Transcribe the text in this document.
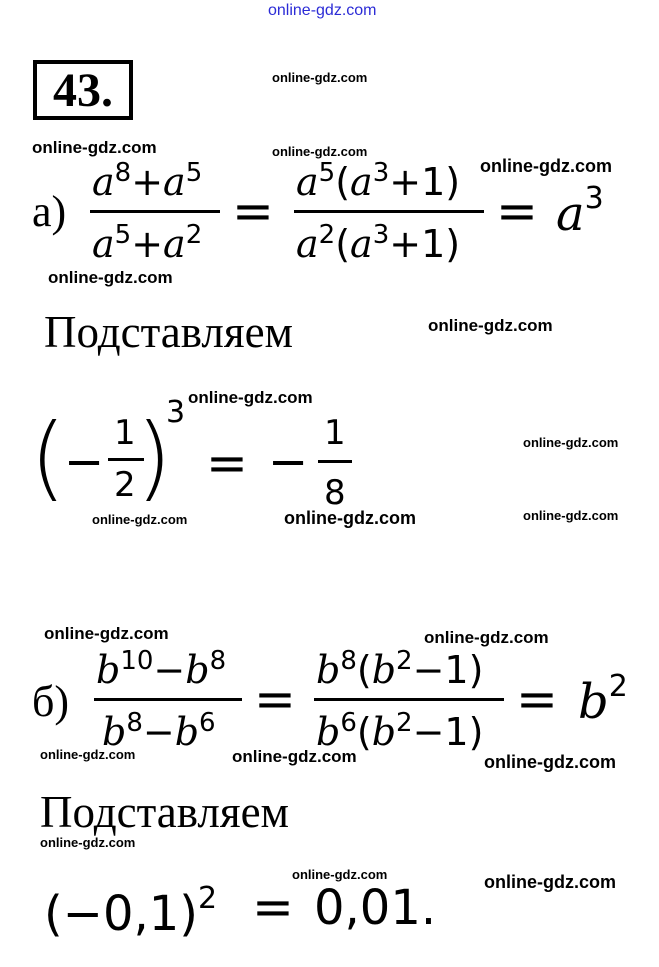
online-gdz.com
43.	online-gdz.com
online-gdz.com	online-gdz.com
online-gdz.com
online-gdz.com
online-gdz.com
online-gdz.com
online-gdz.com
online-gdz.com	online-gdz.com	online-gdz.com
online-gdz.com	online-gdz.com
online-gdz.com	online-gdz.com	online-gdz.com
online-gdz.com
online-gdz.com	online-gdz.com
а)
$a^8+a^5$
$a^5+a^2 = a^5(a^3+1)$
$a^2(a^3+1)$
= $a^3$
Подставляем
(
−
1
2 )
3
= −
1
8
б)
$b^{10}-b^8$
$b^8-b^6 = b^8(b^2-1)$
$b^6(b^2-1)$
= $b^2$
Подставляем
$(-0,1)^2 = 0,01$.
